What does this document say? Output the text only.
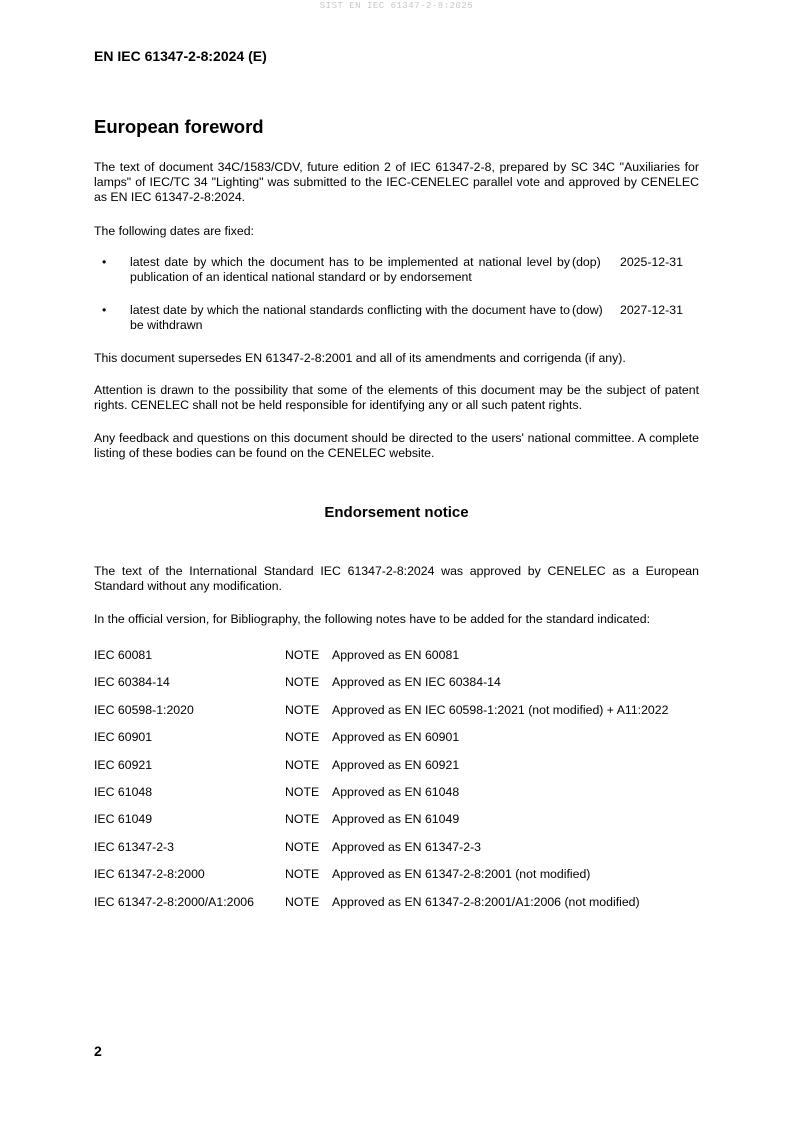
SIST EN IEC 61347-2-8:2025
EN IEC 61347-2-8:2024 (E)
European foreword
The text of document 34C/1583/CDV, future edition 2 of IEC 61347-2-8, prepared by SC 34C "Auxiliaries for lamps" of IEC/TC 34 "Lighting" was submitted to the IEC-CENELEC parallel vote and approved by CENELEC as EN IEC 61347-2-8:2024.
The following dates are fixed:
• latest date by which the document has to be implemented at national level by publication of an identical national standard or by endorsement
(dop) 2025-12-31
• latest date by which the national standards conflicting with the document have to be withdrawn
(dow) 2027-12-31
This document supersedes EN 61347-2-8:2001 and all of its amendments and corrigenda (if any).
Attention is drawn to the possibility that some of the elements of this document may be the subject of patent rights. CENELEC shall not be held responsible for identifying any or all such patent rights.
Any feedback and questions on this document should be directed to the users' national committee. A complete listing of these bodies can be found on the CENELEC website.
Endorsement notice
The text of the International Standard IEC 61347-2-8:2024 was approved by CENELEC as a European Standard without any modification.
In the official version, for Bibliography, the following notes have to be added for the standard indicated:
IEC 60081	NOTE Approved as EN 60081
IEC 60384-14	NOTE Approved as EN IEC 60384-14
IEC 60598-1:2020	NOTE Approved as EN IEC 60598-1:2021 (not modified) + A11:2022
IEC 60901	NOTE Approved as EN 60901
IEC 60921	NOTE Approved as EN 60921
IEC 61048	NOTE Approved as EN 61048
IEC 61049	NOTE Approved as EN 61049
IEC 61347-2-3	NOTE Approved as EN 61347-2-3
IEC 61347-2-8:2000	NOTE Approved as EN 61347-2-8:2001 (not modified)
IEC 61347-2-8:2000/A1:2006	NOTE Approved as EN 61347-2-8:2001/A1:2006 (not modified)
2
